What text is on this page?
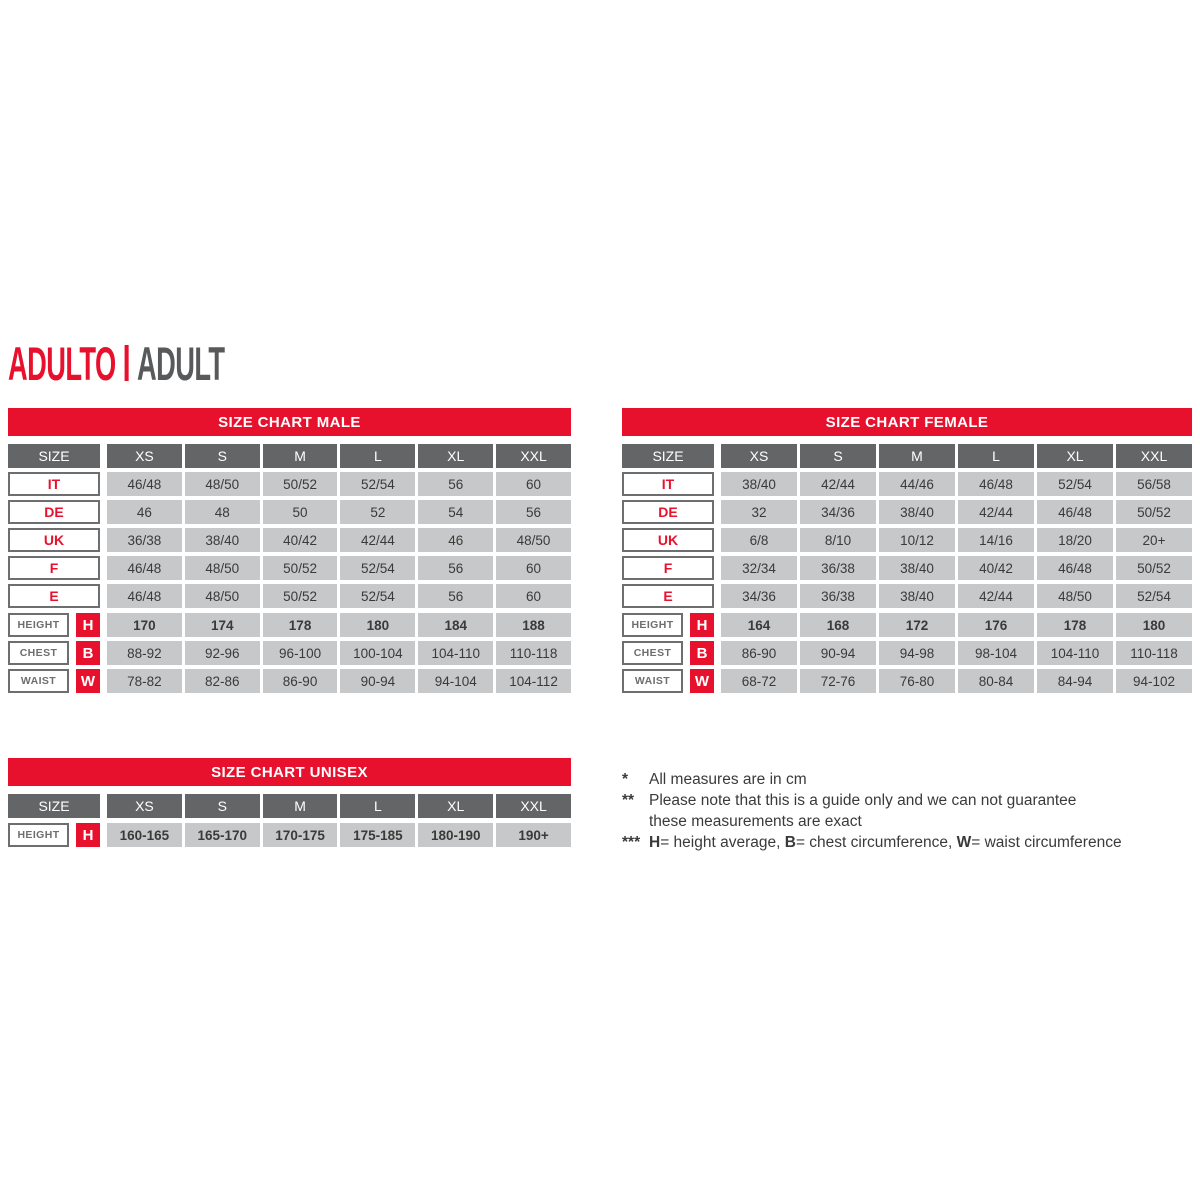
ADULTO ADULT
SIZE CHART MALE
SIZE	XS	S	M	L	XL	XXL
IT	46/48	48/50	50/52	52/54	56	60
DE	46	48	50	52	54	56
UK	36/38	38/40	40/42	42/44	46	48/50
F	46/48	48/50	50/52	52/54	56	60
E	46/48	48/50	50/52	52/54	56	60
HEIGHT	H	170	174	178	180	184	188
CHEST	B	88-92	92-96	96-100	100-104	104-110	110-118
WAIST	W	78-82	82-86	86-90	90-94	94-104	104-112
SIZE CHART FEMALE
SIZE	XS	S	M	L	XL	XXL
IT	38/40	42/44	44/46	46/48	52/54	56/58
DE	32	34/36	38/40	42/44	46/48	50/52
UK	6/8	8/10	10/12	14/16	18/20	20+
F	32/34	36/38	38/40	40/42	46/48	50/52
E	34/36	36/38	38/40	42/44	48/50	52/54
HEIGHT	H	164	168	172	176	178	180
CHEST	B	86-90	90-94	94-98	98-104	104-110	110-118
WAIST	W	68-72	72-76	76-80	80-84	84-94	94-102
SIZE CHART UNISEX
SIZE	XS	S	M	L	XL	XXL
HEIGHT	H	160-165	165-170	170-175	175-185	180-190	190+
*	All measures are in cm
** Please note that this is a guide only and we can not guarantee
these measurements are exact
*** H= height average, B= chest circumference, W= waist circumference
